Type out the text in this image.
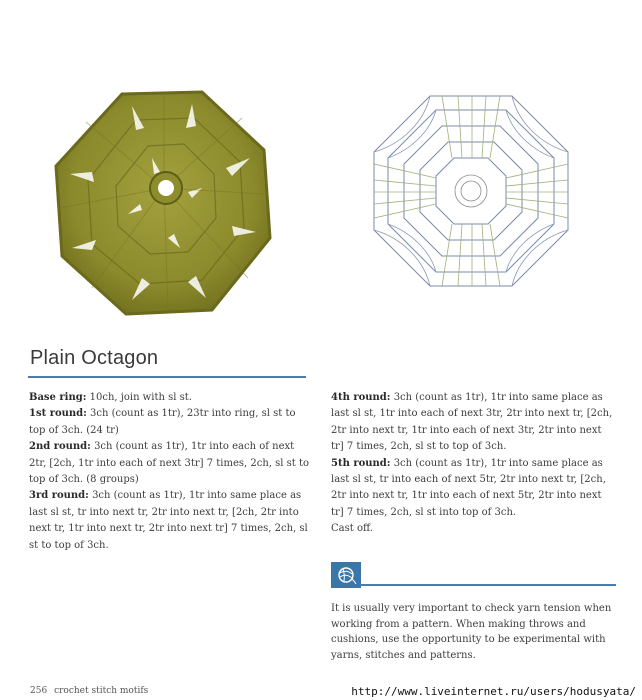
Plain Octagon

Base ring: 10ch, join with sl st.

1st round: 3ch (count as 1tr), 23tr into ring, sl st to top of 3ch. (24 tr)

2nd round: 3ch (count as 1tr), 1tr into each of next 2tr, [2ch, 1tr into each of next 3tr] 7 times, 2ch, sl st to top of 3ch. (8 groups)

3rd round: 3ch (count as 1tr), 1tr into same place as last sl st, tr into next tr, 2tr into next tr, [2ch, 2tr into next tr, 1tr into next tr, 2tr into next tr] 7 times, 2ch, sl st to top of 3ch.

4th round: 3ch (count as 1tr), 1tr into same place as last sl st, 1tr into each of next 3tr, 2tr into next tr, [2ch, 2tr into next tr, 1tr into each of next 3tr, 2tr into next tr] 7 times, 2ch, sl st to top of 3ch.

5th round: 3ch (count as 1tr), 1tr into same place as last sl st, tr into each of next 5tr, 2tr into next tr, [2ch, 2tr into next tr, 1tr into each of next 5tr, 2tr into next tr] 7 times, 2ch, sl st into top of 3ch.

Cast off.

It is usually very important to check yarn tension when working from a pattern. When making throws and cushions, use the opportunity to be experimental with yarns, stitches and patterns.

256 crochet stitch motifs	http://www.liveinternet.ru/users/hodusyata/
